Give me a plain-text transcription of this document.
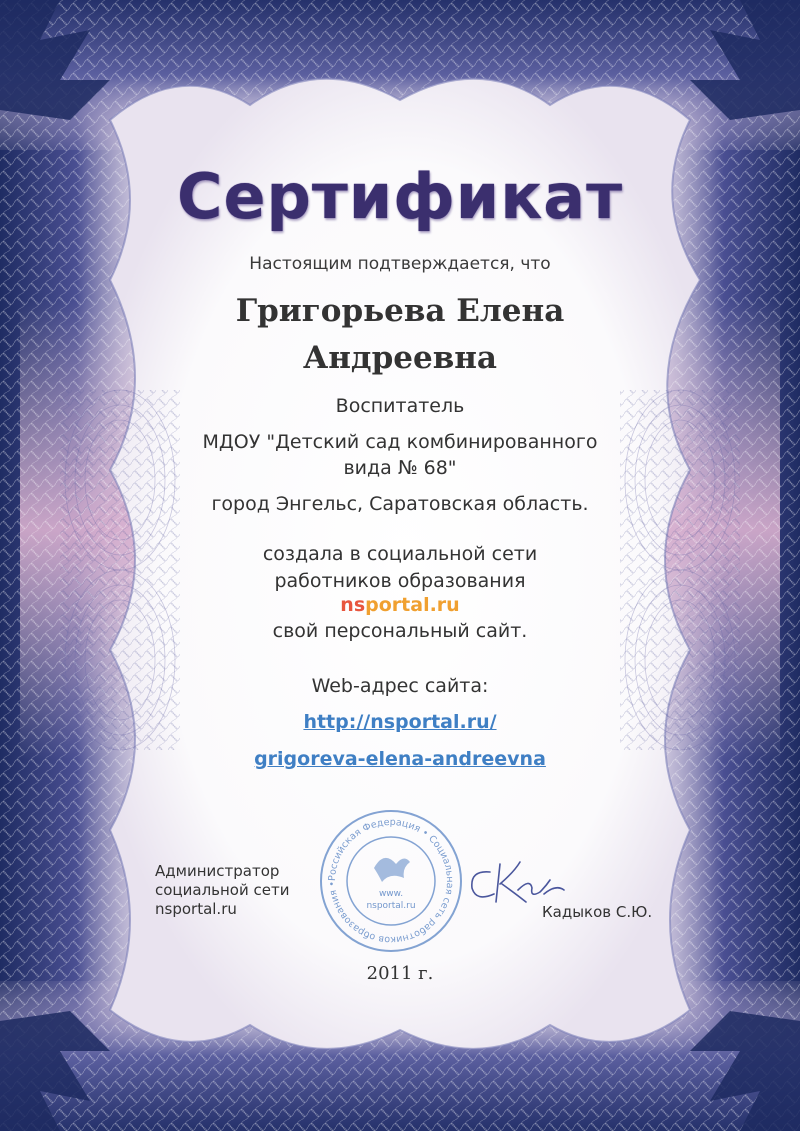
Сертификат
Настоящим подтверждается, что
Григорьева Елена
Андреевна
Воспитатель
МДОУ "Детский сад комбинированного
вида № 68"
город Энгельс, Саратовская область.
создала в социальной сети
работников образования
nsportal.ru
свой персональный сайт.
Web-адрес сайта:
http://nsportal.ru/
grigoreva-elena-andreevna
Администратор
социальной сети
nsportal.ru
Российская Федерация • Социальная сеть работников образования •
www.
nsportal.ru	Кадыков С.Ю.
2011 г.
